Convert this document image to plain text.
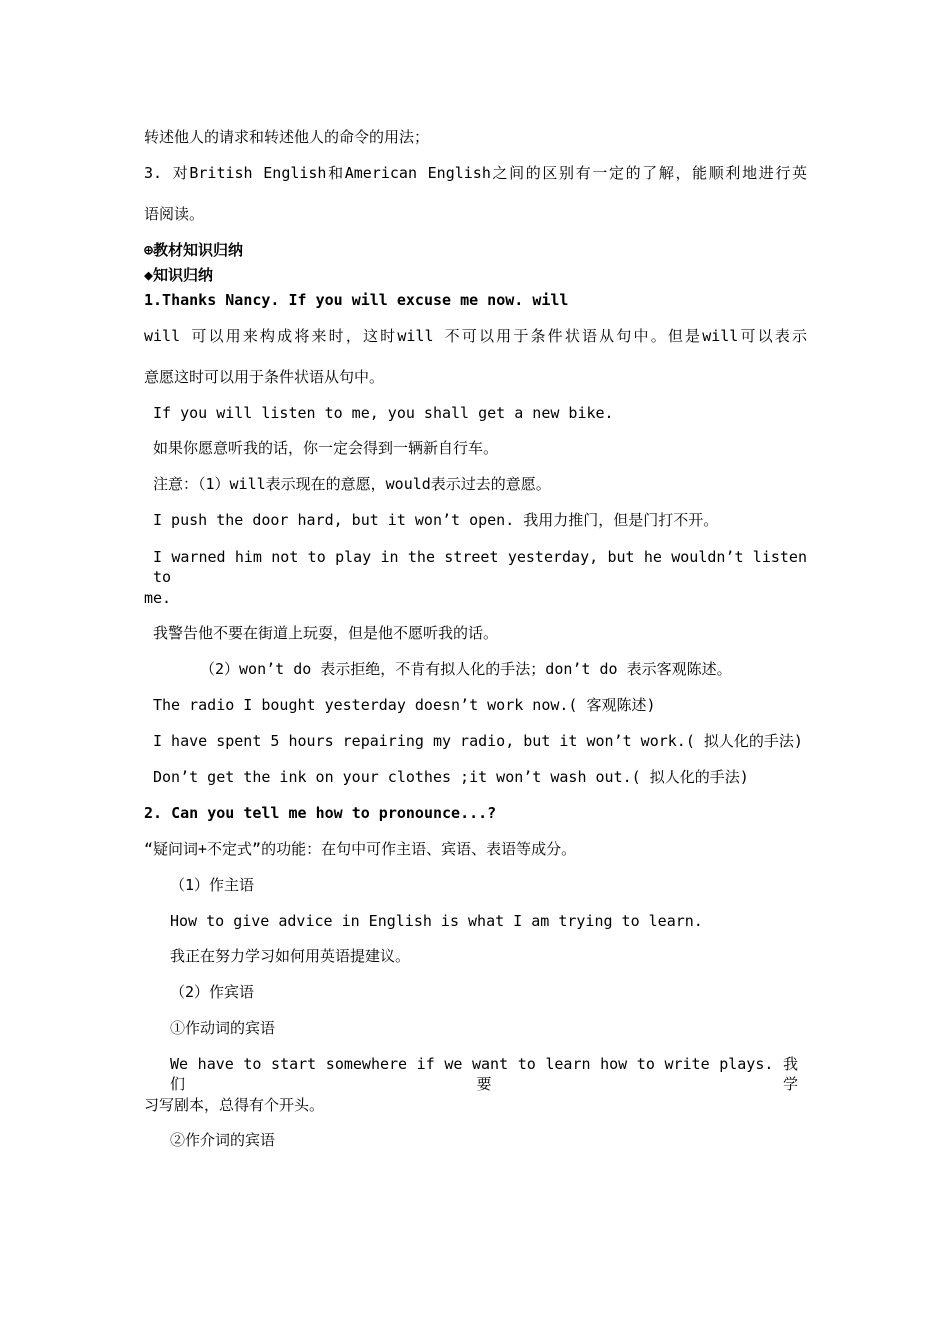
转述他人的请求和转述他人的命令的用法；
3. 对British English和American English之间的区别有一定的了解，能顺利地进行英
语阅读。
⊕教材知识归纳
◆知识归纳
1.Thanks Nancy. If you will excuse me now. will
will 可以用来构成将来时，这时will 不可以用于条件状语从句中。但是will可以表示
意愿这时可以用于条件状语从句中。
If you will listen to me, you shall get a new bike.
如果你愿意听我的话，你一定会得到一辆新自行车。
注意：（1）will表示现在的意愿，would表示过去的意愿。
I push the door hard, but it won’t open. 我用力推门，但是门打不开。
I warned him not to play in the street yesterday, but he wouldn’t listen to
me.
我警告他不要在街道上玩耍，但是他不愿听我的话。
（2）won’t do 表示拒绝，不肯有拟人化的手法；don’t do 表示客观陈述。
The radio I bought yesterday doesn’t work now.( 客观陈述)
I have spent 5 hours repairing my radio, but it won’t work.( 拟人化的手法)
Don’t get the ink on your clothes ;it won’t wash out.( 拟人化的手法)
2. Can you tell me how to pronounce...?
“疑问词+不定式”的功能：在句中可作主语、宾语、表语等成分。
（1）作主语
How to give advice in English is what I am trying to learn.
我正在努力学习如何用英语提建议。
（2）作宾语
①作动词的宾语
We have to start somewhere if we want to learn how to write plays. 我们要学
习写剧本，总得有个开头。
②作介词的宾语
